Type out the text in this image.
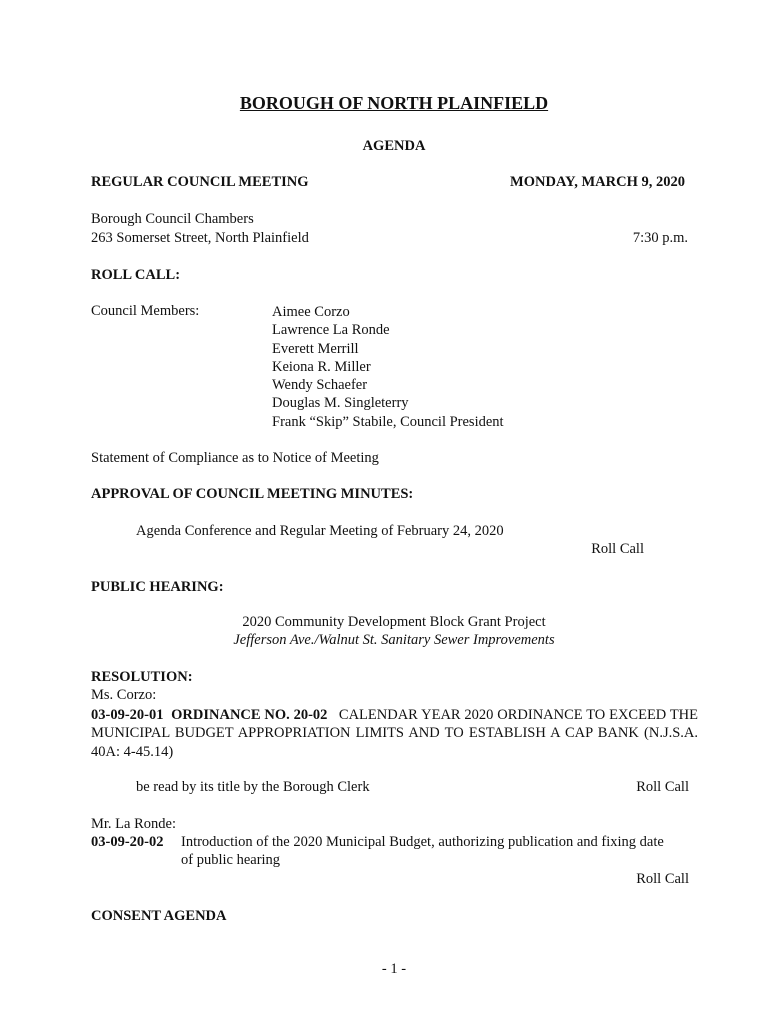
BOROUGH OF NORTH PLAINFIELD
AGENDA
REGULAR COUNCIL MEETING	MONDAY, MARCH 9, 2020
Borough Council Chambers
263 Somerset Street, North Plainfield	7:30 p.m.
ROLL CALL:
Council Members:	Aimee Corzo
Lawrence La Ronde
Everett Merrill
Keiona R. Miller
Wendy Schaefer
Douglas M. Singleterry
Frank “Skip” Stabile, Council President
Statement of Compliance as to Notice of Meeting
APPROVAL OF COUNCIL MEETING MINUTES:
Agenda Conference and Regular Meeting of February 24, 2020
Roll Call
PUBLIC HEARING:
2020 Community Development Block Grant Project
Jefferson Ave./Walnut St. Sanitary Sewer Improvements
RESOLUTION:
Ms. Corzo:
03-09-20-01 ORDINANCE NO. 20-02 CALENDAR YEAR 2020 ORDINANCE TO EXCEED THE MUNICIPAL BUDGET APPROPRIATION LIMITS AND TO ESTABLISH A CAP BANK (N.J.S.A. 40A: 4-45.14)
be read by its title by the Borough Clerk	Roll Call
Mr. La Ronde:
03-09-20-02 Introduction of the 2020 Municipal Budget, authorizing publication and fixing date
of public hearing
Roll Call
CONSENT AGENDA
- 1 -
